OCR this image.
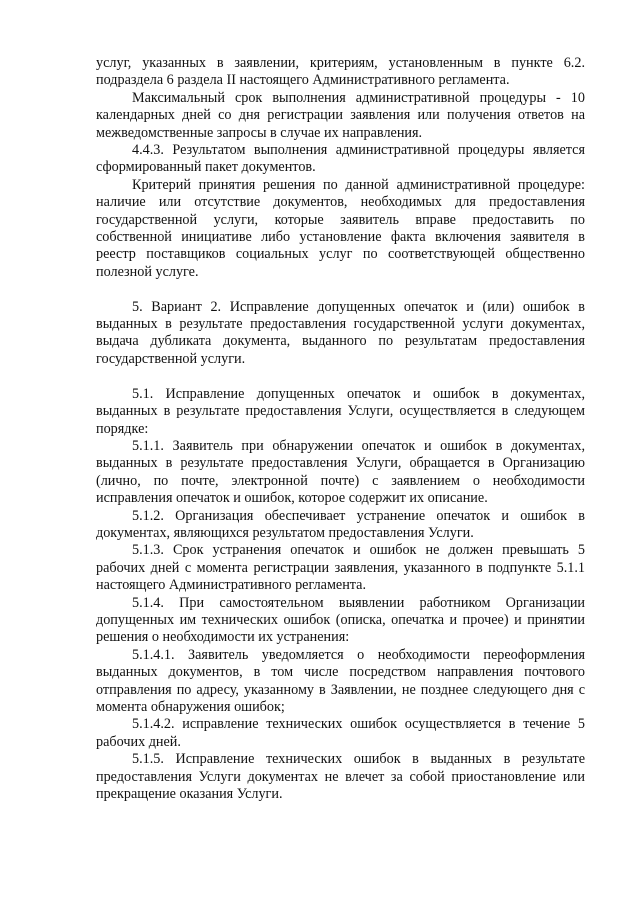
услуг, указанных в заявлении, критериям, установленным в пункте 6.2. подраздела 6 раздела II настоящего Административного регламента.

Максимальный срок выполнения административной процедуры - 10 календарных дней со дня регистрации заявления или получения ответов на межведомственные запросы в случае их направления.

4.4.3. Результатом выполнения административной процедуры является сформированный пакет документов.

Критерий принятия решения по данной административной процедуре: наличие или отсутствие документов, необходимых для предоставления государственной услуги, которые заявитель вправе предоставить по собственной инициативе либо установление факта включения заявителя в реестр поставщиков социальных услуг по соответствующей общественно полезной услуге.

5. Вариант 2. Исправление допущенных опечаток и (или) ошибок в выданных в результате предоставления государственной услуги документах, выдача дубликата документа, выданного по результатам предоставления государственной услуги.

5.1. Исправление допущенных опечаток и ошибок в документах, выданных в результате предоставления Услуги, осуществляется в следующем порядке:

5.1.1. Заявитель при обнаружении опечаток и ошибок в документах, выданных в результате предоставления Услуги, обращается в Организацию (лично, по почте, электронной почте) с заявлением о необходимости исправления опечаток и ошибок, которое содержит их описание.

5.1.2. Организация обеспечивает устранение опечаток и ошибок в документах, являющихся результатом предоставления Услуги.

5.1.3. Срок устранения опечаток и ошибок не должен превышать 5 рабочих дней с момента регистрации заявления, указанного в подпункте 5.1.1 настоящего Административного регламента.

5.1.4. При самостоятельном выявлении работником Организации допущенных им технических ошибок (описка, опечатка и прочее) и принятии решения о необходимости их устранения:

5.1.4.1. Заявитель уведомляется о необходимости переоформления выданных документов, в том числе посредством направления почтового отправления по адресу, указанному в Заявлении, не позднее следующего дня с момента обнаружения ошибок;

5.1.4.2. исправление технических ошибок осуществляется в течение 5 рабочих дней.

5.1.5. Исправление технических ошибок в выданных в результате предоставления Услуги документах не влечет за собой приостановление или прекращение оказания Услуги.
